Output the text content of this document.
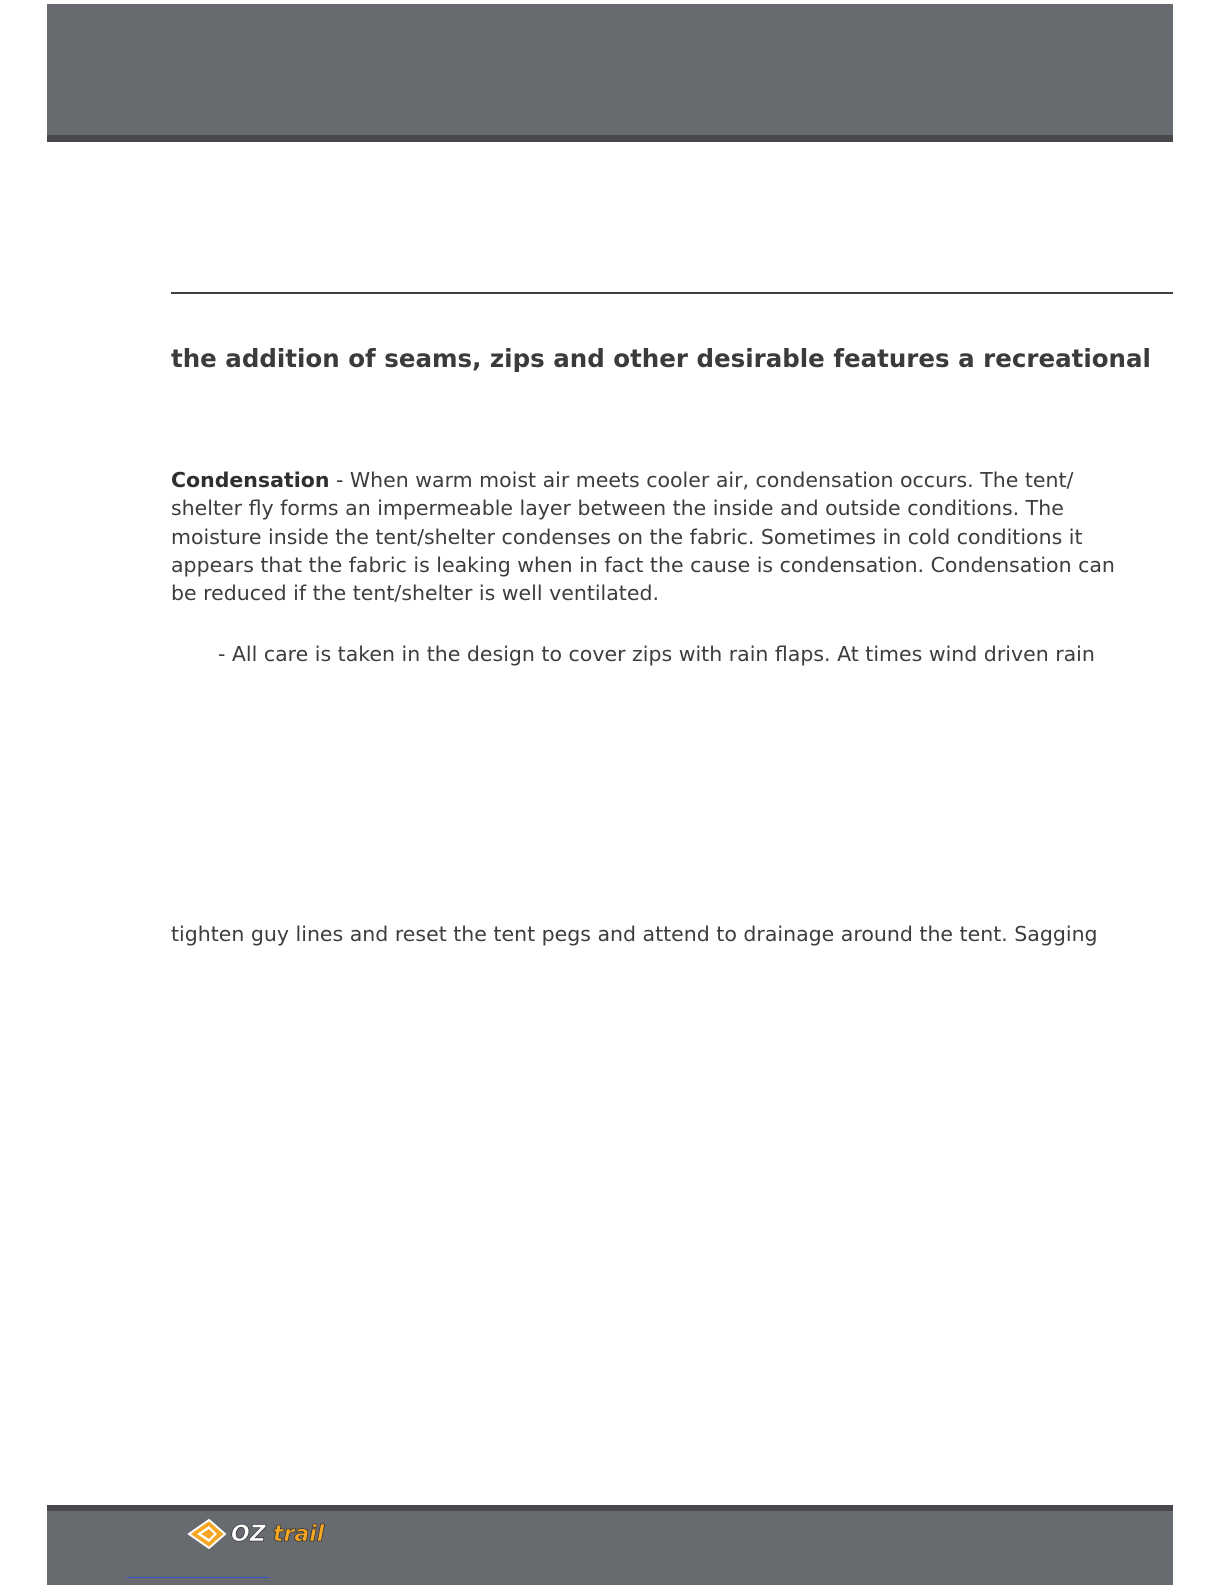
the addition of seams, zips and other desirable features a recreational
Condensation - When warm moist air meets cooler air, condensation occurs. The tent/
shelter fly forms an impermeable layer between the inside and outside conditions. The
moisture inside the tent/shelter condenses on the fabric. Sometimes in cold conditions it
appears that the fabric is leaking when in fact the cause is condensation. Condensation can
be reduced if the tent/shelter is well ventilated.
- All care is taken in the design to cover zips with rain flaps. At times wind driven rain
tighten guy lines and reset the tent pegs and attend to drainage around the tent. Sagging
OZ trail
